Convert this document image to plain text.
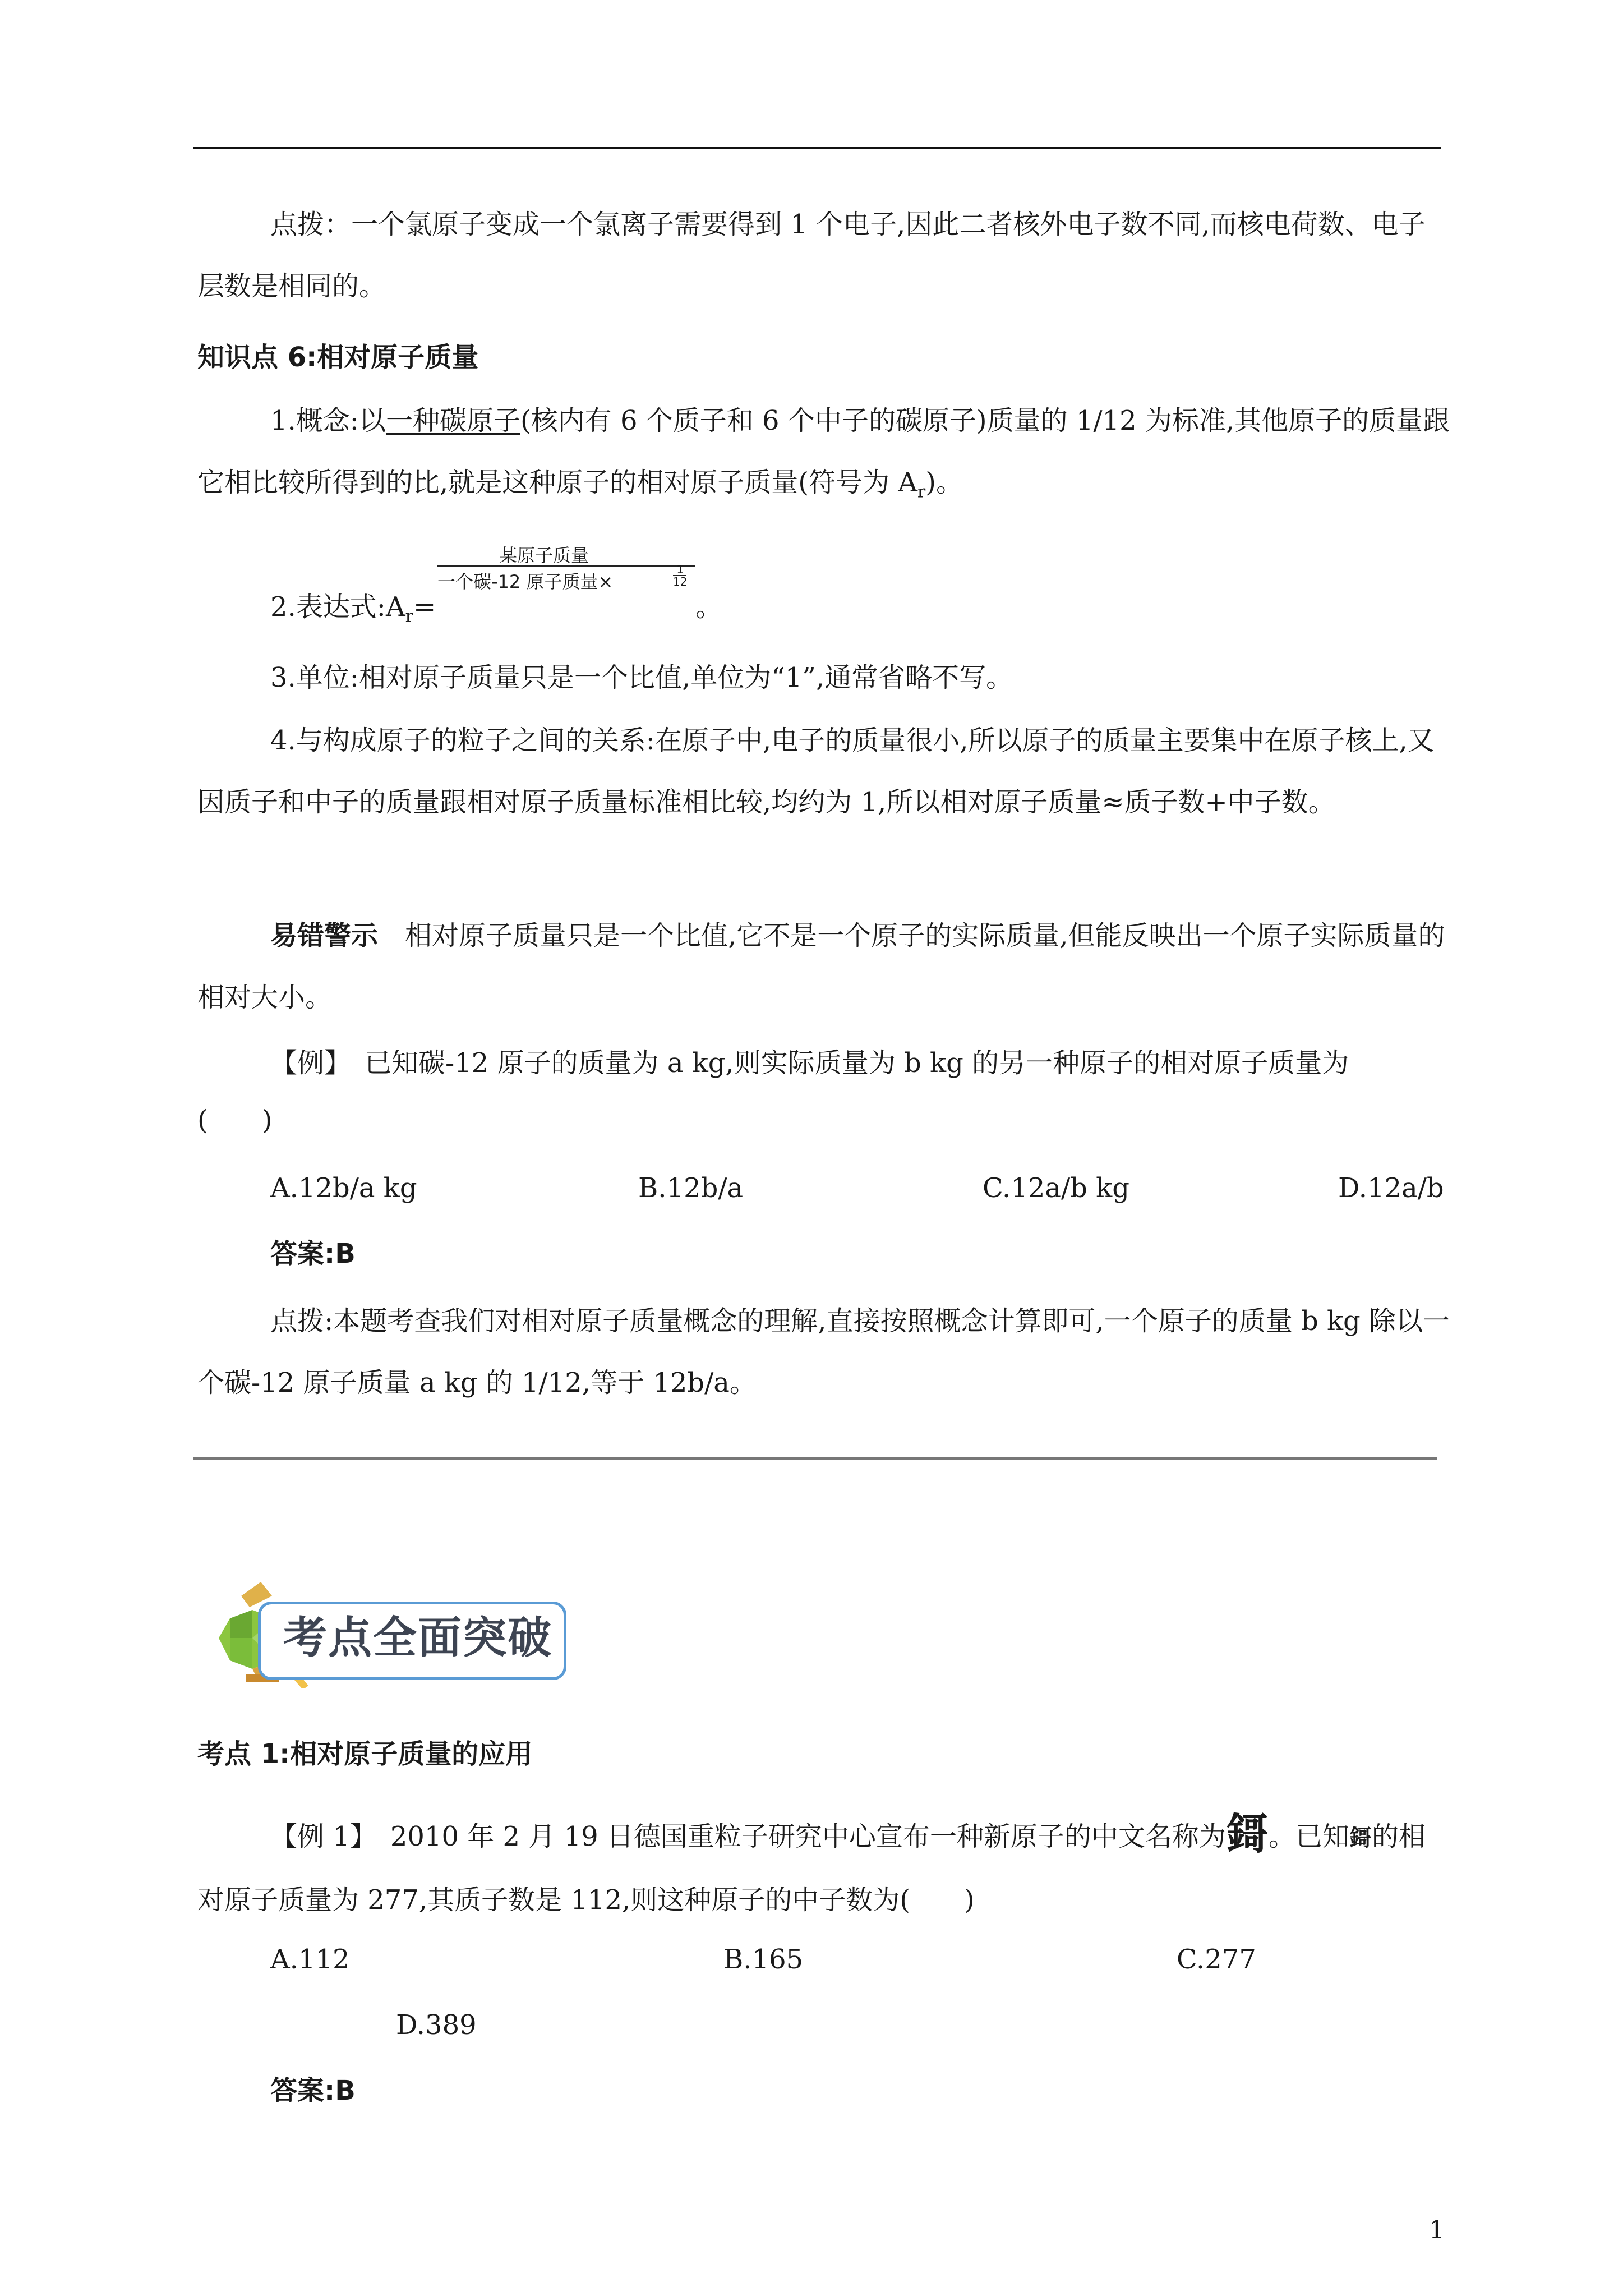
点拨：一个氯原子变成一个氯离子需要得到 1 个电子,因此二者核外电子数不同,而核电荷数、电子层数是相同的。

知识点 6:相对原子质量

1.概念:以一种碳原子(核内有 6 个质子和 6 个中子的碳原子)质量的 1/12 为标准,其他原子的质量跟它相比较所得到的比,就是这种原子的相对原子质量(符号为 $A_r$)。

2.表达式$:A_r=$
某原子质量
一个碳-12 原子质量×
1
12
。
3.单位:相对原子质量只是一个比值,单位为“1”,通常省略不写。

4.与构成原子的粒子之间的关系:在原子中,电子的质量很小,所以原子的质量主要集中在原子核上,又因质子和中子的质量跟相对原子质量标准相比较,均约为 1,所以相对原子质量≈质子数+中子数。

易错警示　 相对原子质量只是一个比值,它不是一个原子的实际质量,但能反映出一个原子实际质量的相对大小。

【例】　 已知碳-12 原子的质量为 a kg,则实际质量为 b kg 的另一种原子的相对原子质量为

(　　)
A.12b/a kg	B.12b/a	C.12a/b kg	D.12a/b
答案:B

点拨:本题考查我们对相对原子质量概念的理解,直接按照概念计算即可,一个原子的质量 b kg 除以一个碳-12 原子质量 a kg 的 1/12,等于 12b/a。

考点全面突破
考点 1:相对原子质量的应用

【例 1】　 2010 年 2 月 19 日德国重粒子研究中心宣布一种新原子的中文名称为鎶。已知鎶的相对原子质量为 277,其质子数是 112,则这种原子的中子数为(　　)

A.112	B.165	C.277
D.389
答案:B
1
